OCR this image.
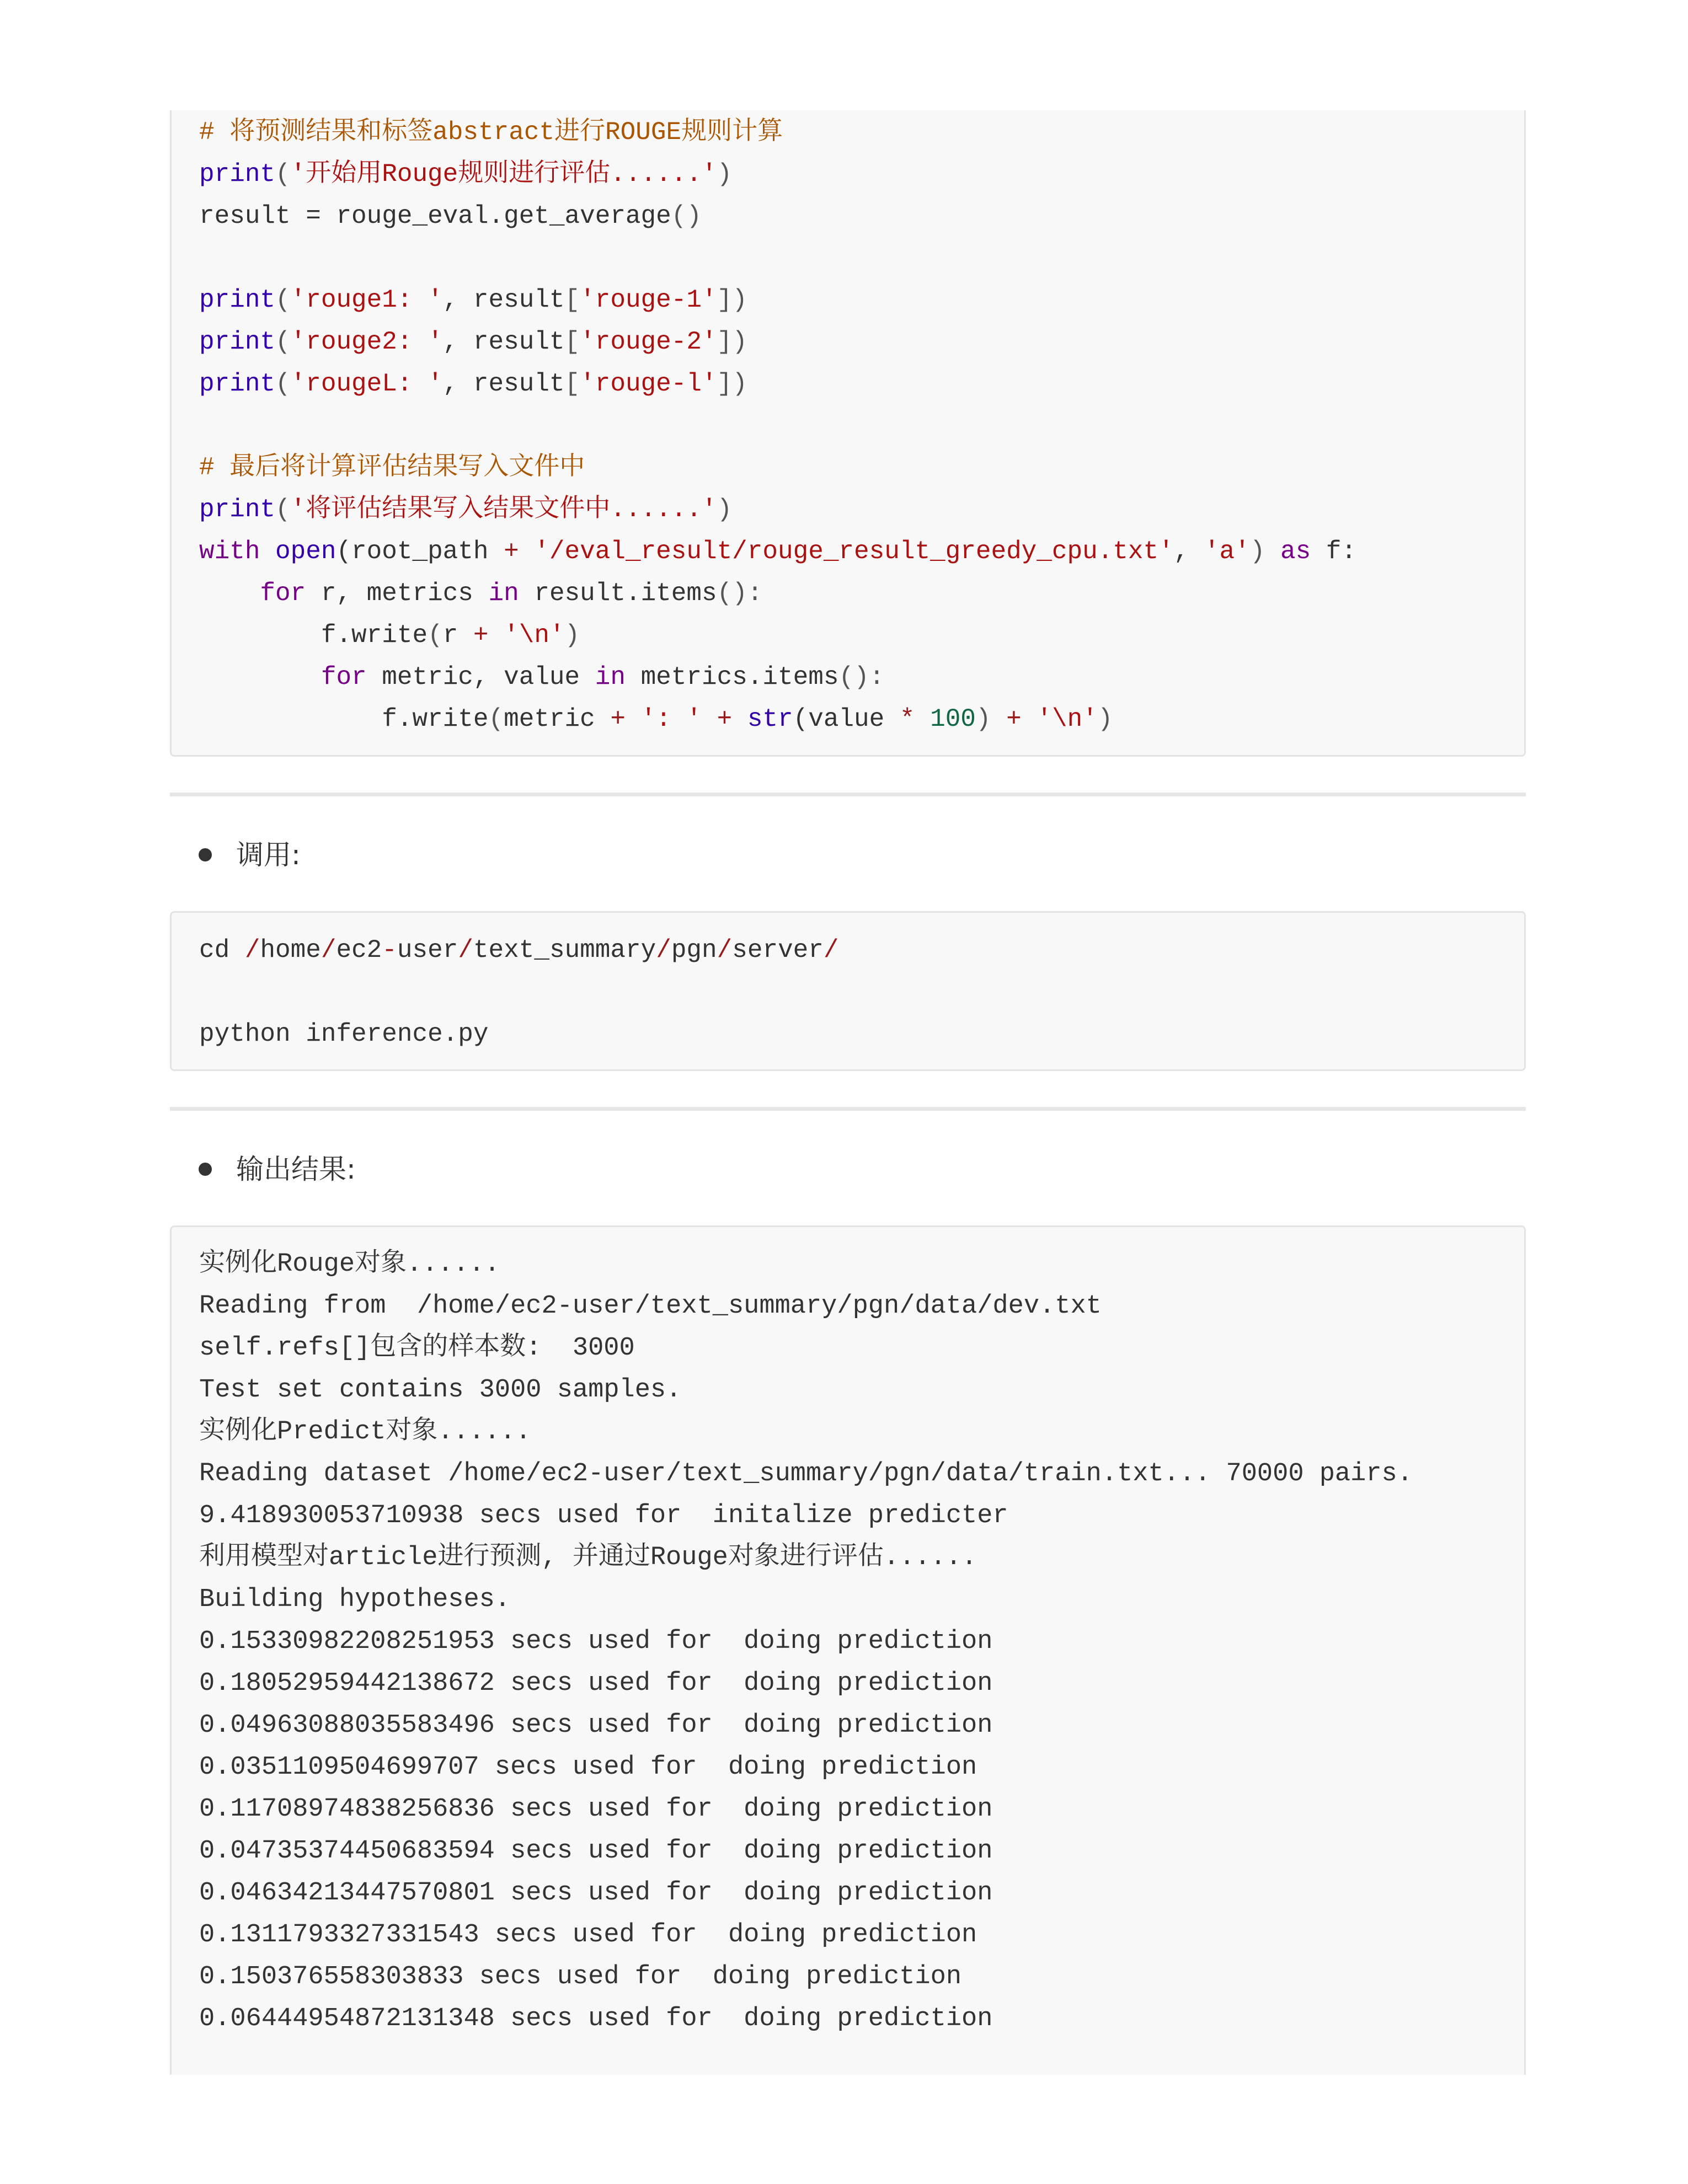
# 将预测结果和标签abstract进行ROUGE规则计算
print('开始用Rouge规则进行评估......')
result = rouge_eval.get_average()

print('rouge1: ', result['rouge-1'])
print('rouge2: ', result['rouge-2'])
print('rougeL: ', result['rouge-l'])

# 最后将计算评估结果写入文件中
print('将评估结果写入结果文件中......')
with open(root_path + '/eval_result/rouge_result_greedy_cpu.txt', 'a') as f:
for r, metrics in result.items():
f.write(r + '\n')
for metric, value in metrics.items():
f.write(metric + ': ' + str(value * 100) + '\n')
调用:
cd /home/ec2-user/text_summary/pgn/server/

python inference.py
输出结果:
实例化Rouge对象......
Reading from  /home/ec2-user/text_summary/pgn/data/dev.txt
self.refs[]包含的样本数:  3000
Test set contains 3000 samples.
实例化Predict对象......
Reading dataset /home/ec2-user/text_summary/pgn/data/train.txt... 70000 pairs.
9.418930053710938 secs used for  initalize predicter
利用模型对article进行预测, 并通过Rouge对象进行评估......
Building hypotheses.
0.15330982208251953 secs used for  doing prediction
0.18052959442138672 secs used for  doing prediction
0.04963088035583496 secs used for  doing prediction
0.0351109504699707 secs used for  doing prediction
0.11708974838256836 secs used for  doing prediction
0.04735374450683594 secs used for  doing prediction
0.04634213447570801 secs used for  doing prediction
0.1311793327331543 secs used for  doing prediction
0.150376558303833 secs used for  doing prediction
0.06444954872131348 secs used for  doing prediction
